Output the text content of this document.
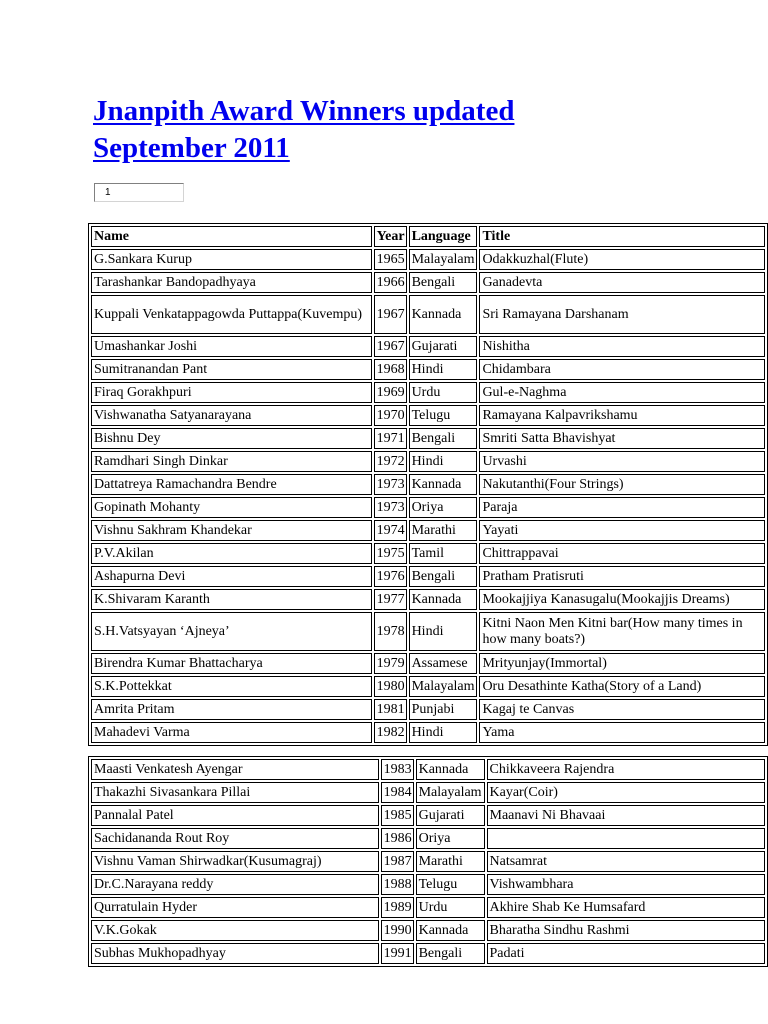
Jnanpith Award Winners updated
September 2011
1
Name	Year	Language	Title
G.Sankara Kurup	1965	Malayalam	Odakkuzhal(Flute)
Tarashankar Bandopadhyaya	1966	Bengali	Ganadevta
Kuppali Venkatappagowda Puttappa(Kuvempu)	1967	Kannada	Sri Ramayana Darshanam
Umashankar Joshi	1967	Gujarati	Nishitha
Sumitranandan Pant	1968	Hindi	Chidambara
Firaq Gorakhpuri	1969	Urdu	Gul-e-Naghma
Vishwanatha Satyanarayana	1970	Telugu	Ramayana Kalpavrikshamu
Bishnu Dey	1971	Bengali	Smriti Satta Bhavishyat
Ramdhari Singh Dinkar	1972	Hindi	Urvashi
Dattatreya Ramachandra Bendre	1973	Kannada	Nakutanthi(Four Strings)
Gopinath Mohanty	1973	Oriya	Paraja
Vishnu Sakhram Khandekar	1974	Marathi	Yayati
P.V.Akilan	1975	Tamil	Chittrappavai
Ashapurna Devi	1976	Bengali	Pratham Pratisruti
K.Shivaram Karanth	1977	Kannada	Mookajjiya Kanasugalu(Mookajjis Dreams)
S.H.Vatsyayan ‘Ajneya’	1978	Hindi	Kitni Naon Men Kitni bar(How many times in how many boats?)
Birendra Kumar Bhattacharya	1979	Assamese	Mrityunjay(Immortal)
S.K.Pottekkat	1980	Malayalam	Oru Desathinte Katha(Story of a Land)
Amrita Pritam	1981	Punjabi	Kagaj te Canvas
Mahadevi Varma	1982	Hindi	Yama
Maasti Venkatesh Ayengar	1983	Kannada	Chikkaveera Rajendra
Thakazhi Sivasankara Pillai	1984	Malayalam	Kayar(Coir)
Pannalal Patel	1985	Gujarati	Maanavi Ni Bhavaai
Sachidananda Rout Roy	1986	Oriya	
Vishnu Vaman Shirwadkar(Kusumagraj)	1987	Marathi	Natsamrat
Dr.C.Narayana reddy	1988	Telugu	Vishwambhara
Qurratulain Hyder	1989	Urdu	Akhire Shab Ke Humsafard
V.K.Gokak	1990	Kannada	Bharatha Sindhu Rashmi
Subhas Mukhopadhyay	1991	Bengali	Padati
